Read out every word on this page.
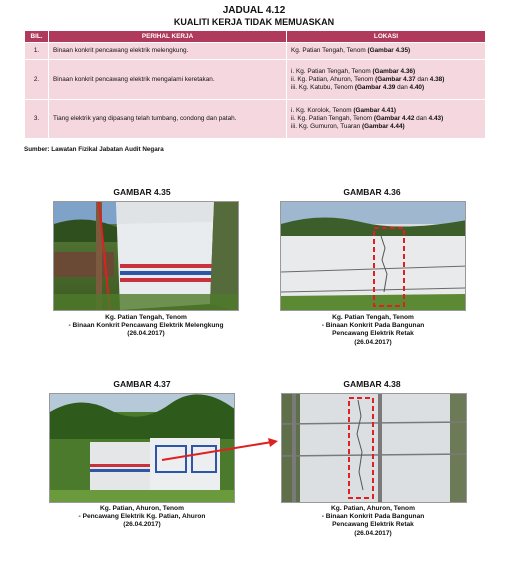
JADUAL 4.12
KUALITI KERJA TIDAK MEMUASKAN
BIL.	PERIHAL KERJA	LOKASI
1.	Binaan konkrit pencawang elektrik melengkung.	Kg. Patian Tengah, Tenom (Gambar 4.35)

2.	Binaan konkrit pencawang elektrik mengalami keretakan.	i. Kg. Patian Tengah, Tenom (Gambar 4.36)
ii. Kg. Patian, Ahuron, Tenom (Gambar 4.37 dan 4.38)
iii. Kg. Katubu, Tenom (Gambar 4.39 dan 4.40)

3.	Tiang elektrik yang dipasang telah tumbang, condong dan patah.	i. Kg. Korolok, Tenom (Gambar 4.41)
ii. Kg. Patian Tengah, Tenom (Gambar 4.42 dan 4.43)
iii. Kg. Gumuron, Tuaran (Gambar 4.44)
Sumber: Lawatan Fizikal Jabatan Audit Negara
GAMBAR 4.35
Kg. Patian Tengah, Tenom
- Binaan Konkrit Pencawang Elektrik Melengkung
(26.04.2017)
GAMBAR 4.36
Kg. Patian Tengah, Tenom
- Binaan Konkrit Pada Bangunan
Pencawang Elektrik Retak
(26.04.2017)
GAMBAR 4.37
Kg. Patian, Ahuron, Tenom
- Pencawang Elektrik Kg. Patian, Ahuron
(26.04.2017)
GAMBAR 4.38
Kg. Patian, Ahuron, Tenom
- Binaan Konkrit Pada Bangunan
Pencawang Elektrik Retak
(26.04.2017)
